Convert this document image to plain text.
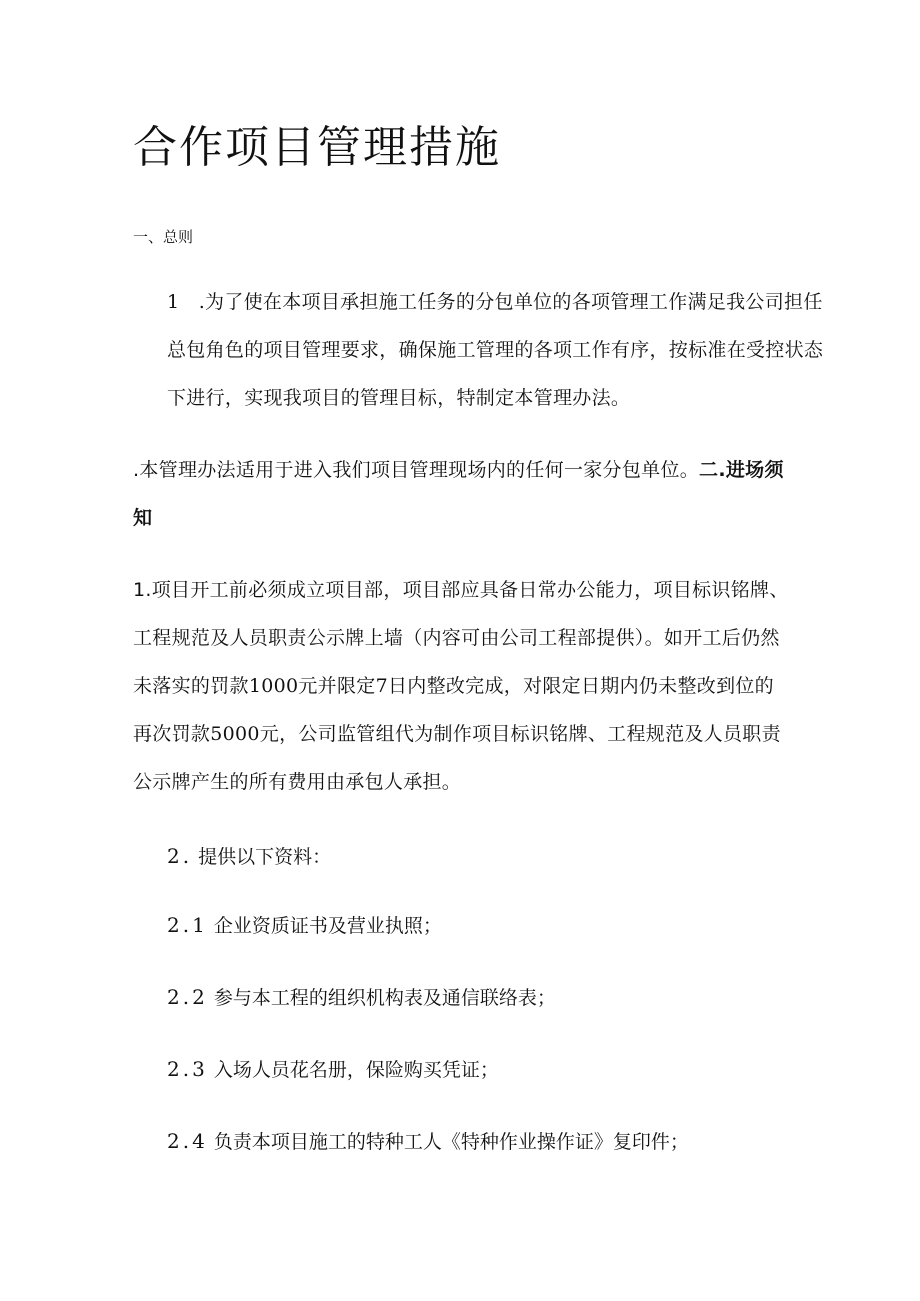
合作项目管理措施
一、总则

1　.为了使在本项目承担施工任务的分包单位的各项管理工作满足我公司担任总包角色的项目管理要求，确保施工管理的各项工作有序，按标准在受控状态下进行，实现我项目的管理目标，特制定本管理办法。

.本管理办法适用于进入我们项目管理现场内的任何一家分包单位。二.进场须知

1.项目开工前必须成立项目部，项目部应具备日常办公能力，项目标识铭牌、工程规范及人员职责公示牌上墙（内容可由公司工程部提供）。如开工后仍然未落实的罚款1000元并限定7日内整改完成，对限定日期内仍未整改到位的再次罚款5000元，公司监管组代为制作项目标识铭牌、工程规范及人员职责公示牌产生的所有费用由承包人承担。

2. 提供以下资料：

2.1 企业资质证书及营业执照；

2.2 参与本工程的组织机构表及通信联络表；

2.3 入场人员花名册，保险购买凭证；

2.4 负责本项目施工的特种工人《特种作业操作证》复印件；
